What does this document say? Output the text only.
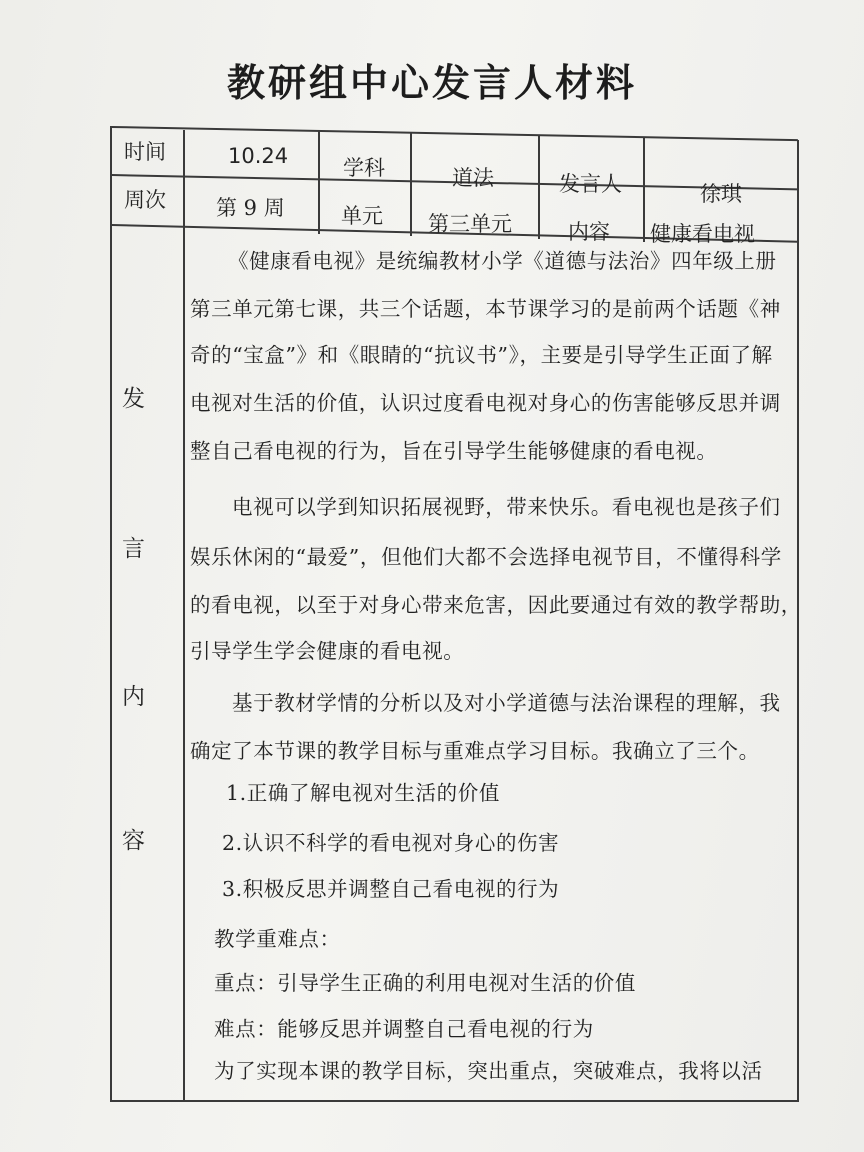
教研组中心发言人材料
时间	10.24	学科	道法	发言人	徐琪
周次 第 9 周	单元 第三单元	内容 健康看电视
发
言
内
容
《健康看电视》是统编教材小学《道德与法治》四年级上册
第三单元第七课，共三个话题，本节课学习的是前两个话题《神
奇的“宝盒”》和《眼睛的“抗议书”》，主要是引导学生正面了解
电视对生活的价值，认识过度看电视对身心的伤害能够反思并调
整自己看电视的行为，旨在引导学生能够健康的看电视。
电视可以学到知识拓展视野，带来快乐。看电视也是孩子们
娱乐休闲的“最爱”，但他们大都不会选择电视节目，不懂得科学
的看电视，以至于对身心带来危害，因此要通过有效的教学帮助，
引导学生学会健康的看电视。
基于教材学情的分析以及对小学道德与法治课程的理解，我
确定了本节课的教学目标与重难点学习目标。我确立了三个。
1.正确了解电视对生活的价值
2.认识不科学的看电视对身心的伤害
3.积极反思并调整自己看电视的行为
教学重难点：
重点：引导学生正确的利用电视对生活的价值
难点：能够反思并调整自己看电视的行为
为了实现本课的教学目标，突出重点，突破难点，我将以活
